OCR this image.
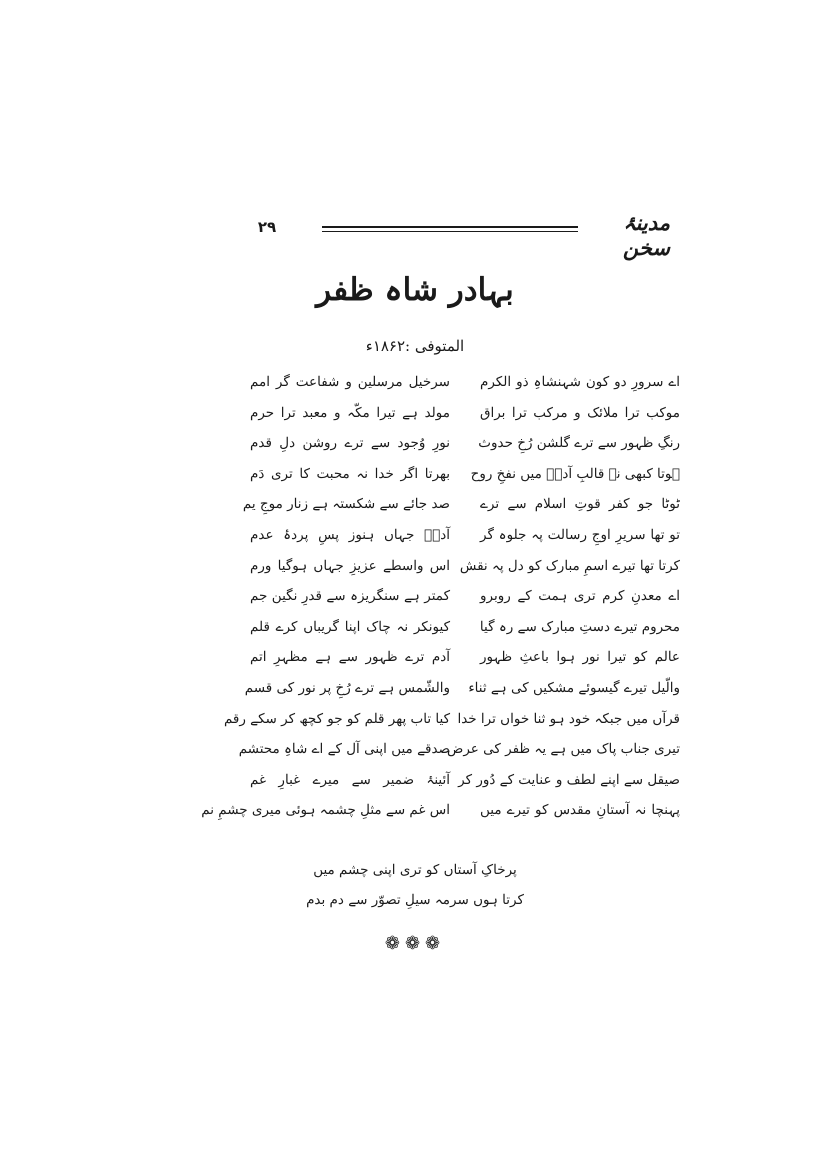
۲۹	مدینۂ سخن
بہادر شاہ ظفر
المتوفی :۱۸۶۲ء
اے سرورِ دو کون شہنشاہِ ذو الکرم
سرخیل مرسلین و شفاعت گر امم
موکب ترا ملائک و مرکب ترا براق
مولد ہے تیرا مکّہ و معبد ترا حرم
رنگِ ظہور سے ترے گلشن رُخِ حدوث
نورِ وُجود سے ترے روشن دلِ قدم
ہوتا کبھی نہ قالبِ آدمؑ میں نفخِ روح
بھرتا اگر خدا نہ محبت کا تری دَم
ٹوٹا جو کفر قوتِ اسلام سے ترے
صد جائے سے شکستہ ہے زنار موجِ یم
تو تھا سریرِ اوجِ رسالت پہ جلوہ گر
آدمؑ جہاں ہنوز پسِ پردۂ عدم
کرتا تھا تیرے اسمِ مبارک کو دل پہ نقش
اس واسطے عزیزِ جہاں ہوگیا ورم
اے معدنِ کرم تری ہمت کے روبرو
کمتر ہے سنگریزہ سے قدرِ نگین جم
محروم تیرے دستِ مبارک سے رہ گیا
کیونکر نہ چاک اپنا گریباں کرے قلم
عالم کو تیرا نور ہوا باعثِ ظہور
آدم ترے ظہور سے ہے مظہرِ اتم
والّیل تیرے گیسوئے مشکیں کی ہے ثناء
والشّمس ہے ترے رُخِ پر نور کی قسم
قرآں میں جبکہ خود ہو ثنا خواں ترا خدا
کیا تاب پھر قلم کو جو کچھ کر سکے رقم
تیری جناب پاک میں ہے یہ ظفر کی عرض
صدقے میں اپنی آل کے اے شاہِ محتشم
صیقل سے اپنے لطف و عنایت کے دُور کر
آئینۂ ضمیر سے میرے غبارِ غم
پہنچا نہ آستانِ مقدس کو تیرے میں
اس غم سے مثلِ چشمہ ہوئی میری چشمِ نم
پرخاکِ آستاں کو تری اپنی چشم میں
کرتا ہوں سرمہ سیلِ تصوّر سے دم بدم
❁❁❁
